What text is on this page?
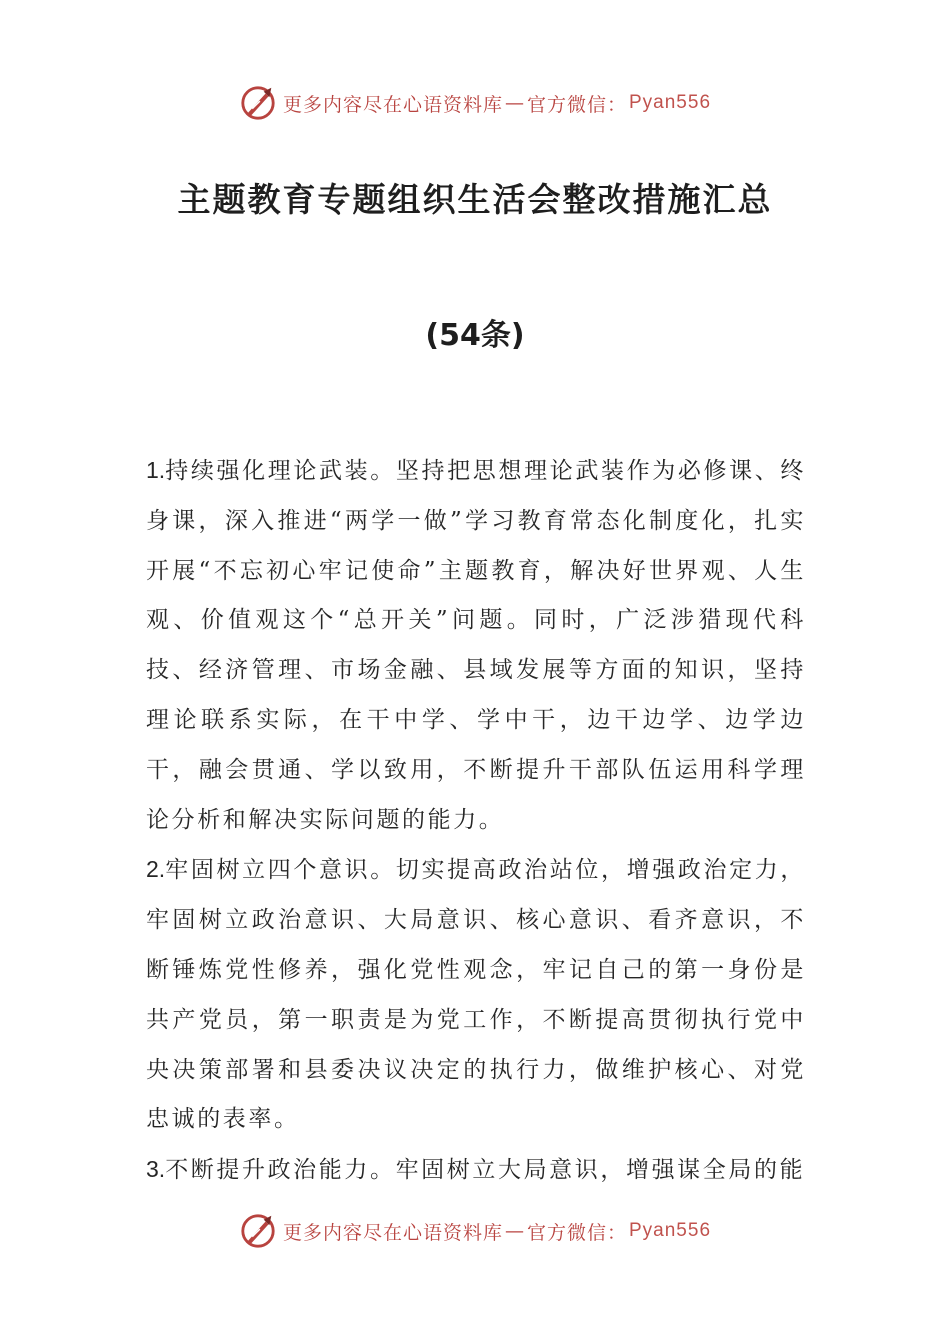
更多内容尽在心语资料库 — 官方微信： Pyan556
主题教育专题组织生活会整改措施汇总
(54条)

1.持续强化理论武装。坚持把思想理论武装作为必修课、终身课，深入推进“两学一做”学习教育常态化制度化，扎实开展“不忘初心牢记使命”主题教育，解决好世界观、人生观、价值观这个“总开关”问题。同时，广泛涉猎现代科技、经济管理、市场金融、县域发展等方面的知识，坚持理论联系实际，在干中学、学中干，边干边学、边学边干，融会贯通、学以致用，不断提升干部队伍运用科学理论分析和解决实际问题的能力。

2.牢固树立四个意识。切实提高政治站位，增强政治定力，牢固树立政治意识、大局意识、核心意识、看齐意识，不断锤炼党性修养，强化党性观念，牢记自己的第一身份是共产党员，第一职责是为党工作，不断提高贯彻执行党中央决策部署和县委决议决定的执行力，做维护核心、对党忠诚的表率。

3.不断提升政治能力。牢固树立大局意识，增强谋全局的能

更多内容尽在心语资料库 — 官方微信： Pyan556
